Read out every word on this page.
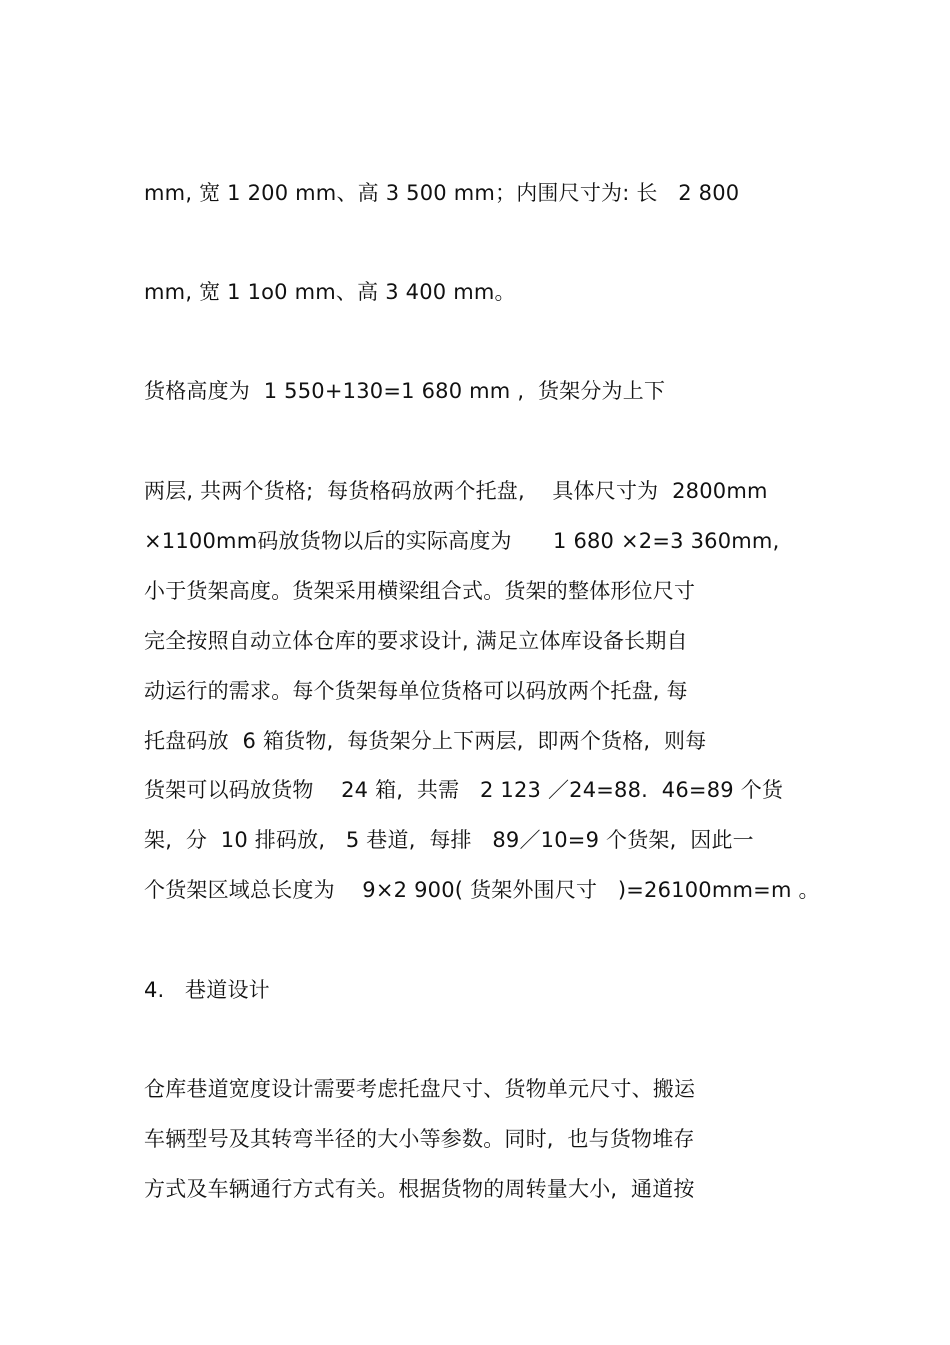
mm, 宽 1 200 mm、高 3 500 mm；内围尺寸为: 长   2 800
mm, 宽 1 1o0 mm、高 3 400 mm。
货格高度为  1 550+130=1 680 mm ,  货架分为上下
两层, 共两个货格;  每货格码放两个托盘,    具体尺寸为  2800mm
×1100mm码放货物以后的实际高度为      1 680 ×2=3 360mm,
小于货架高度。货架采用横梁组合式。货架的整体形位尺寸
完全按照自动立体仓库的要求设计, 满足立体库设备长期自
动运行的需求。每个货架每单位货格可以码放两个托盘, 每
托盘码放  6 箱货物,  每货架分上下两层,  即两个货格,  则每
货架可以码放货物    24 箱,  共需   2 123 ／24=88.  46=89 个货
架,  分  10 排码放,   5 巷道,  每排   89／10=9 个货架,  因此一
个货架区域总长度为    9×2 900( 货架外围尺寸   )=26100mm=m 。
4.   巷道设计
仓库巷道宽度设计需要考虑托盘尺寸、货物单元尺寸、搬运
车辆型号及其转弯半径的大小等参数。同时,  也与货物堆存
方式及车辆通行方式有关。根据货物的周转量大小,  通道按
